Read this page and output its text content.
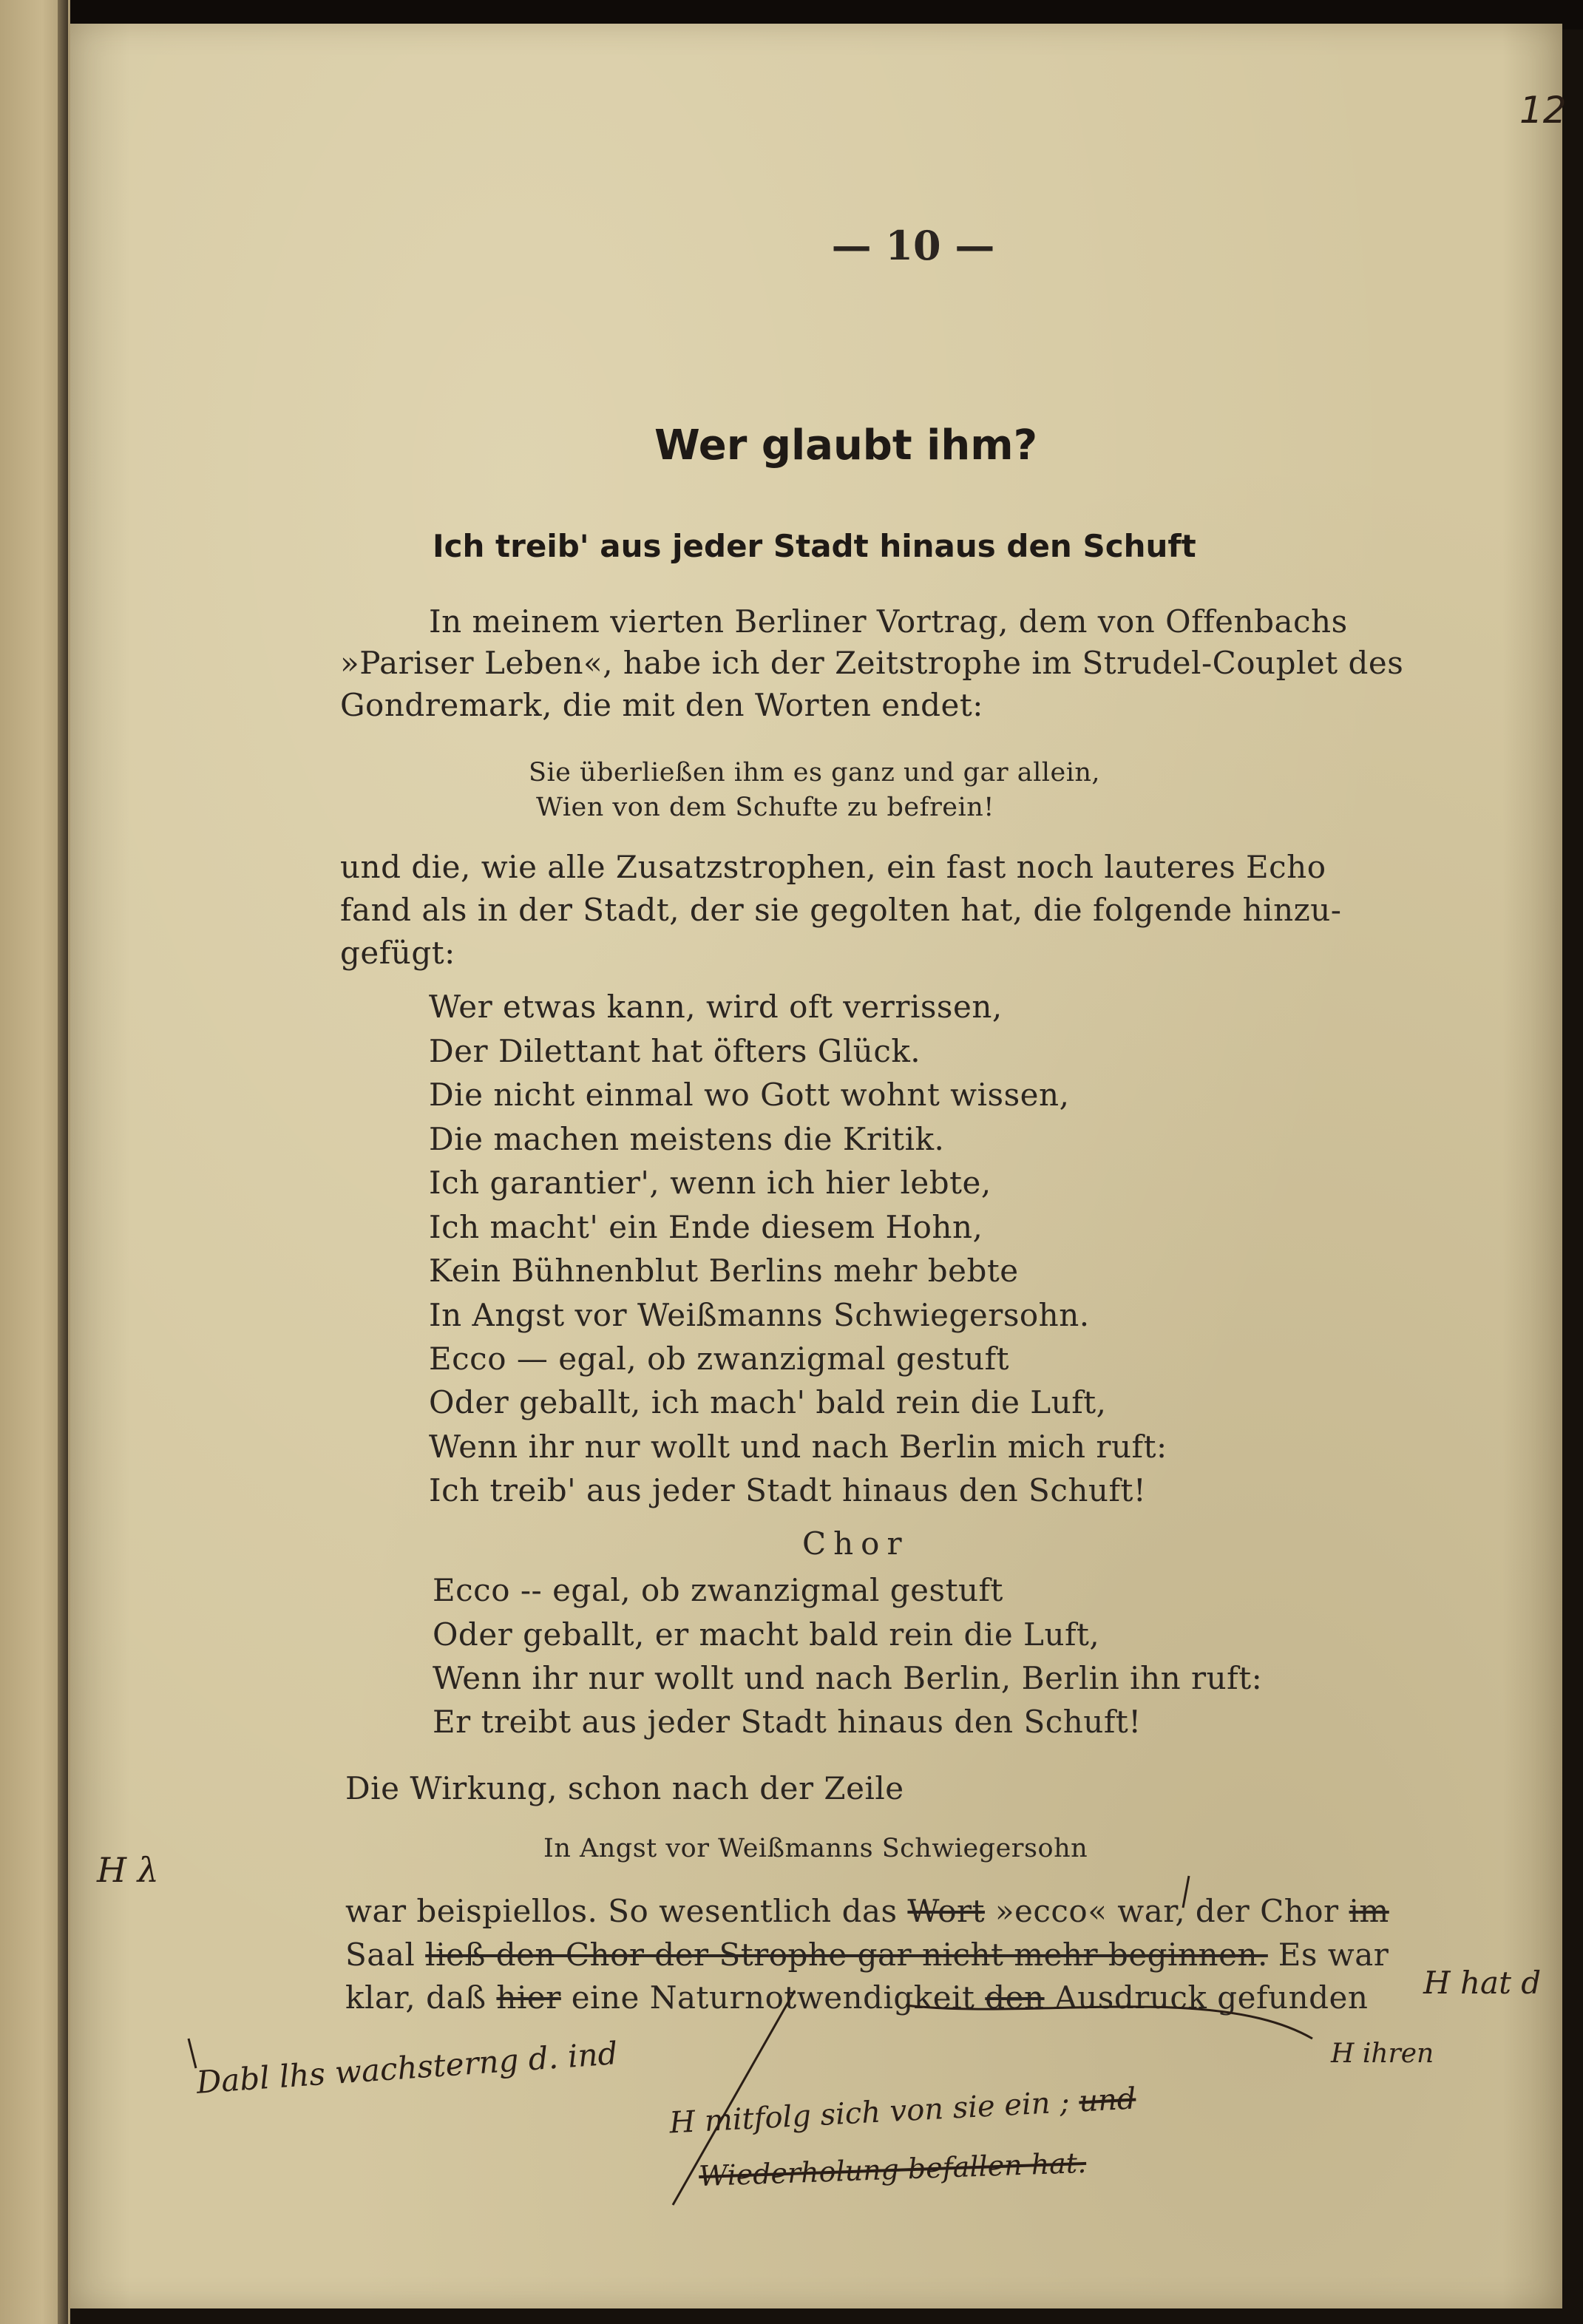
12
— 10 —

Wer glaubt ihm?

Ich treib' aus jeder Stadt hinaus den Schuft

In meinem vierten Berliner Vortrag, dem von Offenbachs

»Pariser Leben«, habe ich der Zeitstrophe im Strudel-Couplet des

Gondremark, die mit den Worten endet:

Sie überließen ihm es ganz und gar allein,

Wien von dem Schufte zu befrein!

und die, wie alle Zusatzstrophen, ein fast noch lauteres Echo

fand als in der Stadt, der sie gegolten hat, die folgende hinzu-

gefügt:

Wer etwas kann, wird oft verrissen,

Der Dilettant hat öfters Glück.

Die nicht einmal wo Gott wohnt wissen,

Die machen meistens die Kritik.

Ich garantier', wenn ich hier lebte,

Ich macht' ein Ende diesem Hohn,

Kein Bühnenblut Berlins mehr bebte

In Angst vor Weißmanns Schwiegersohn.

Ecco — egal, ob zwanzigmal gestuft

Oder geballt, ich mach' bald rein die Luft,

Wenn ihr nur wollt und nach Berlin mich ruft:

Ich treib' aus jeder Stadt hinaus den Schuft!

Chor

Ecco -- egal, ob zwanzigmal gestuft

Oder geballt, er macht bald rein die Luft,

Wenn ihr nur wollt und nach Berlin, Berlin ihn ruft:

Er treibt aus jeder Stadt hinaus den Schuft!

Die Wirkung, schon nach der Zeile

In Angst vor Weißmanns Schwiegersohn

war beispiellos. So wesentlich das Wort »ecco« war, der Chor im

Saal ließ den Chor der Strophe gar nicht mehr beginnen. Es war

klar, daß hier eine Naturnotwendigkeit den Ausdruck gefunden

H λ
H hat d
H ihren
Dabl lhs wachsterng d. ind
H mitfolg sich von sie ein ; und
Wiederholung befallen hat.
